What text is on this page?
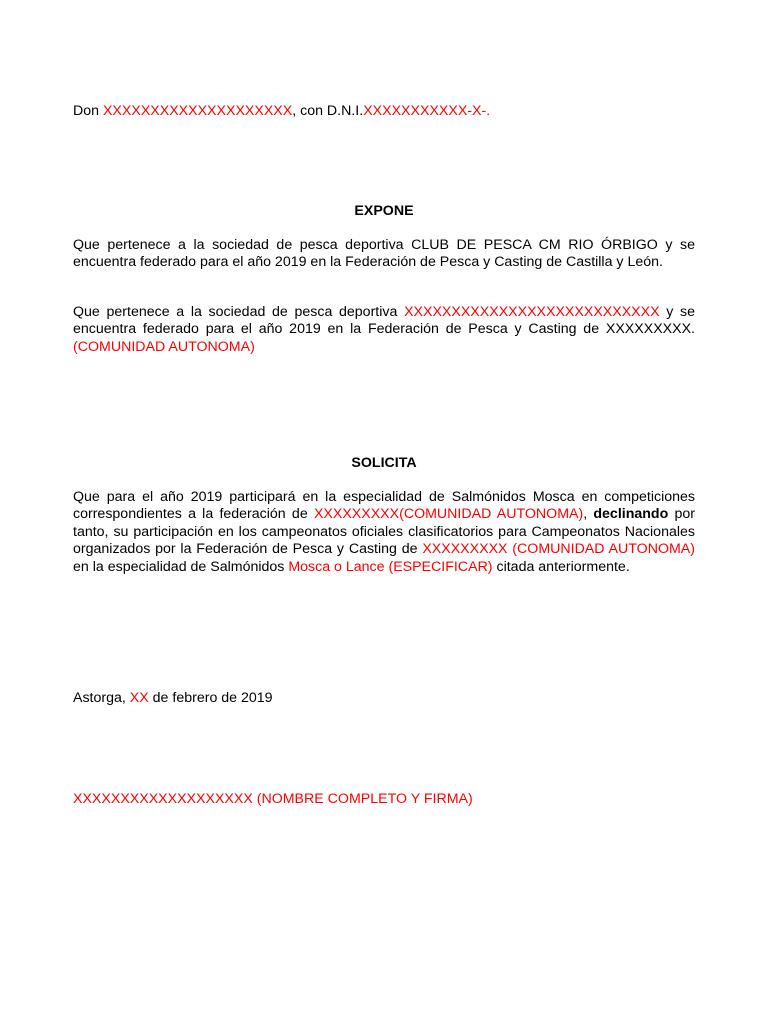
Don XXXXXXXXXXXXXXXXXXXX, con D.N.I.XXXXXXXXXXX-X-.
EXPONE
Que pertenece a la sociedad de pesca deportiva CLUB DE PESCA CM RIO ÓRBIGO y se encuentra federado para el año 2019 en la Federación de Pesca y Casting de Castilla y León.
Que pertenece a la sociedad de pesca deportiva XXXXXXXXXXXXXXXXXXXXXXXXXXX y se encuentra federado para el año 2019 en la Federación de Pesca y Casting de XXXXXXXXX. (COMUNIDAD AUTONOMA)
SOLICITA
Que para el año 2019 participará en la especialidad de Salmónidos Mosca en competiciones correspondientes a la federación de XXXXXXXXX(COMUNIDAD AUTONOMA), declinando por tanto, su participación en los campeonatos oficiales clasificatorios para Campeonatos Nacionales organizados por la Federación de Pesca y Casting de XXXXXXXXX (COMUNIDAD AUTONOMA) en la especialidad de Salmónidos Mosca o Lance (ESPECIFICAR) citada anteriormente.
Astorga, XX de febrero de 2019
XXXXXXXXXXXXXXXXXXX (NOMBRE COMPLETO Y FIRMA)
